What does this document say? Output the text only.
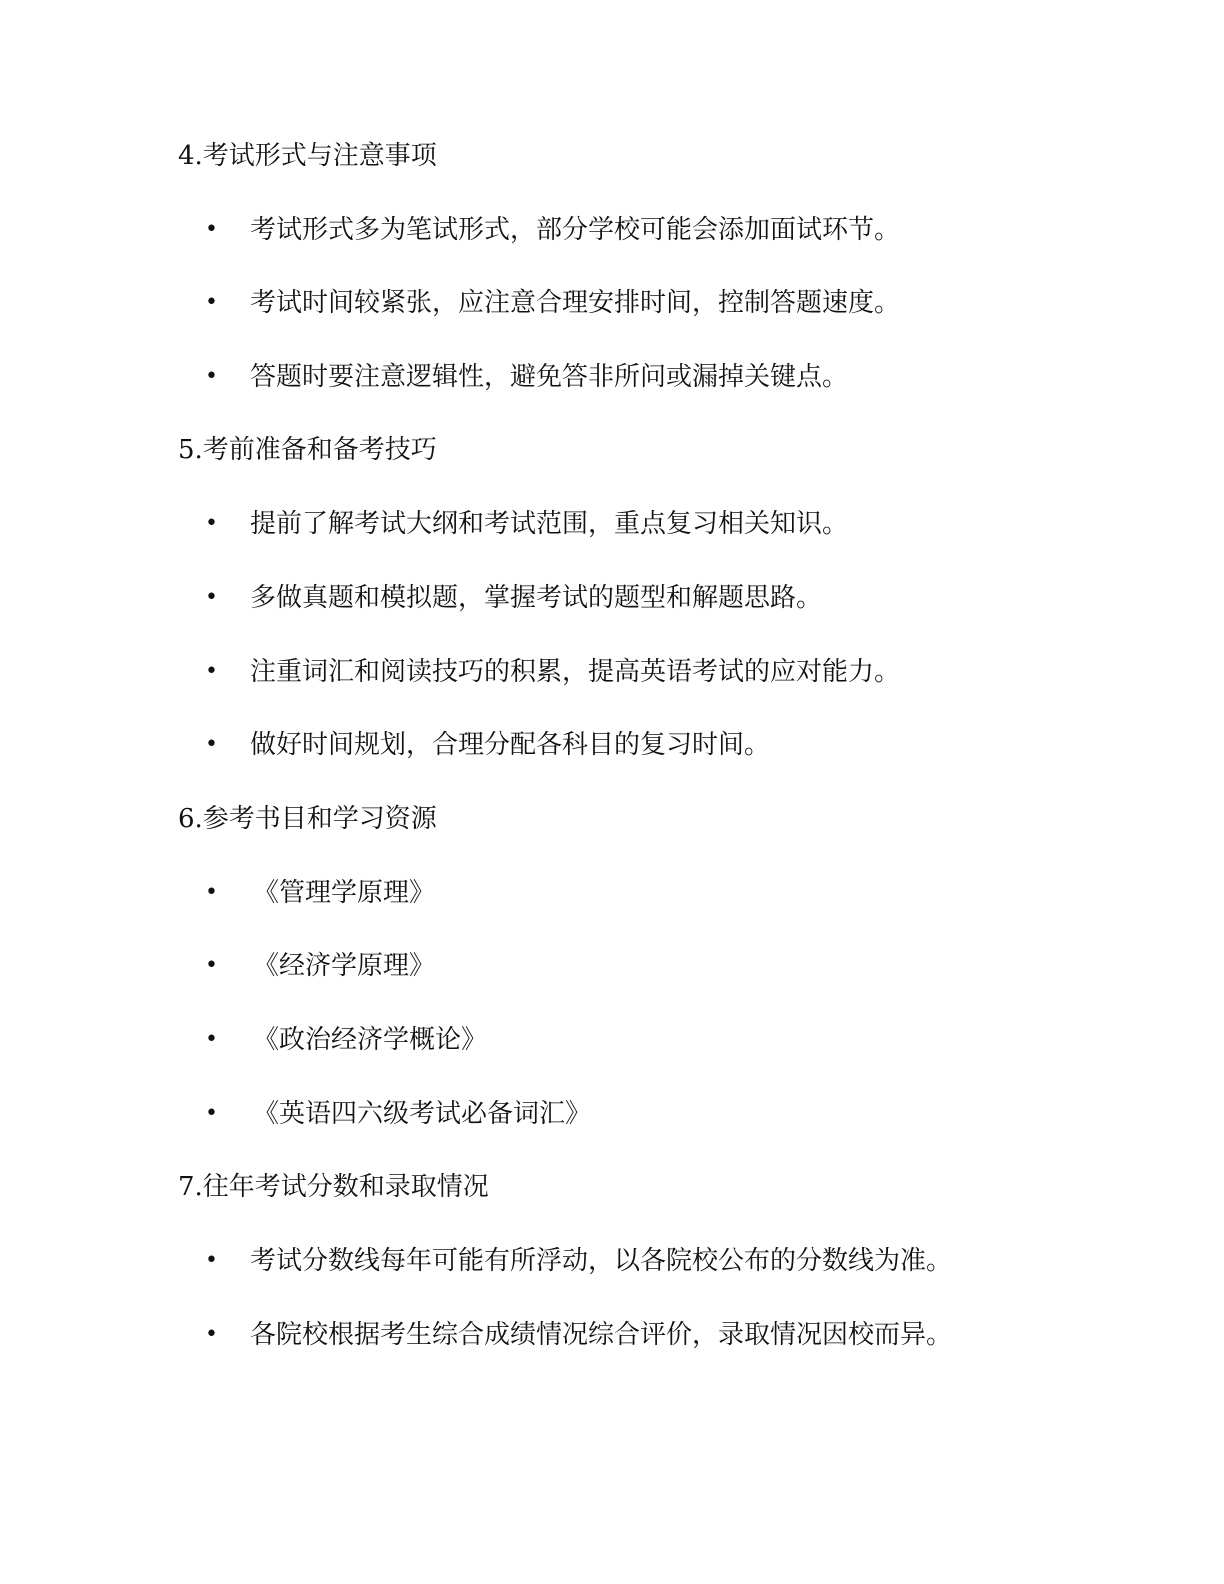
4.考试形式与注意事项
• 考试形式多为笔试形式，部分学校可能会添加面试环节。
• 考试时间较紧张，应注意合理安排时间，控制答题速度。
• 答题时要注意逻辑性，避免答非所问或漏掉关键点。
5.考前准备和备考技巧
• 提前了解考试大纲和考试范围，重点复习相关知识。
• 多做真题和模拟题，掌握考试的题型和解题思路。
• 注重词汇和阅读技巧的积累，提高英语考试的应对能力。
• 做好时间规划，合理分配各科目的复习时间。
6.参考书目和学习资源
• 《管理学原理》
• 《经济学原理》
• 《政治经济学概论》
• 《英语四六级考试必备词汇》
7.往年考试分数和录取情况
• 考试分数线每年可能有所浮动，以各院校公布的分数线为准。
• 各院校根据考生综合成绩情况综合评价，录取情况因校而异。
